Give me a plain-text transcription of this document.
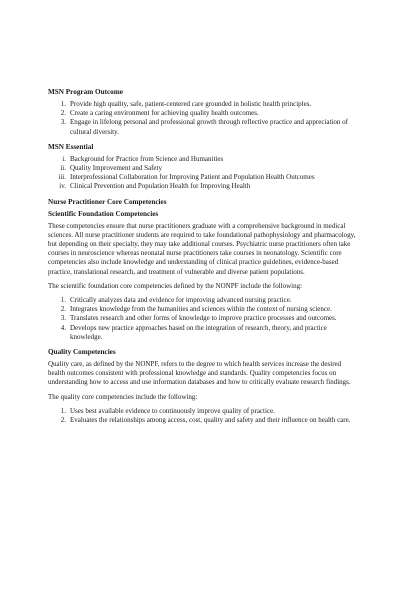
MSN Program Outcome
1. Provide high quality, safe, patient-centered care grounded in holistic health principles.
2. Create a caring environment for achieving quality health outcomes.
3. Engage in lifelong personal and professional growth through reflective practice and appreciation of cultural diversity.
MSN Essential
i. Background for Practice from Science and Humanities
ii. Quality Improvement and Safety
iii. Interprofessional Collaboration for Improving Patient and Population Health Outcomes
iv. Clinical Prevention and Population Health for Improving Health
Nurse Practitioner Core Competencies
Scientific Foundation Competencies

These competencies ensure that nurse practitioners graduate with a comprehensive background in medical sciences. All nurse practitioner students are required to take foundational pathophysiology and pharmacology, but depending on their specialty, they may take additional courses. Psychiatric nurse practitioners often take courses in neuroscience whereas neonatal nurse practitioners take courses in neonatology. Scientific core competencies also include knowledge and understanding of clinical practice guidelines, evidence-based practice, translational research, and treatment of vulnerable and diverse patient populations.

The scientific foundation core competencies defined by the NONPF include the following:

1. Critically analyzes data and evidence for improving advanced nursing practice.
2. Integrates knowledge from the humanities and sciences within the context of nursing science.
3. Translates research and other forms of knowledge to improve practice processes and outcomes.
4. Develops new practice approaches based on the integration of research, theory, and practice knowledge.
Quality Competencies

Quality care, as defined by the NONPF, refers to the degree to which health services increase the desired health outcomes consistent with professional knowledge and standards. Quality competencies focus on understanding how to access and use information databases and how to critically evaluate research findings.

The quality core competencies include the following:

1. Uses best available evidence to continuously improve quality of practice.
2. Evaluates the relationships among access, cost, quality and safety and their influence on health care.
